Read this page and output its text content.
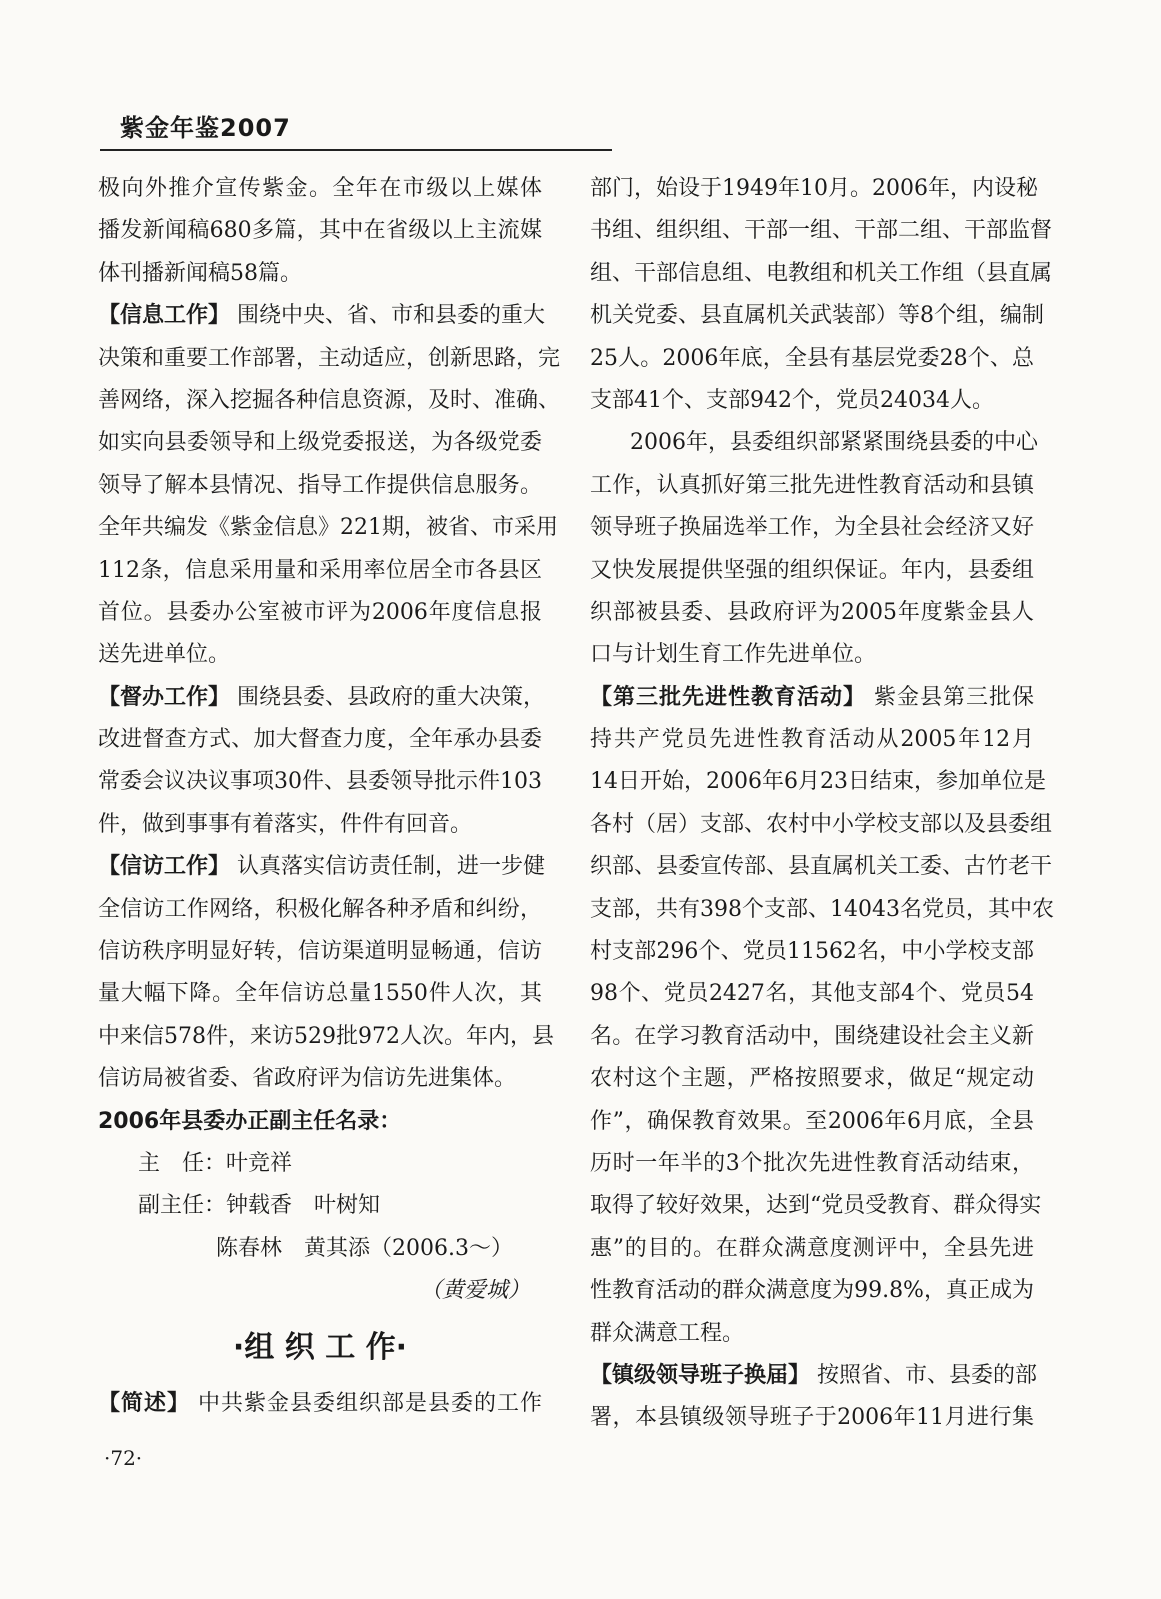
紫金年鉴2007
极向外推介宣传紫金。全年在市级以上媒体
播发新闻稿680多篇，其中在省级以上主流媒
体刊播新闻稿58篇。
【信息工作】 围绕中央、省、市和县委的重大
决策和重要工作部署，主动适应，创新思路，完
善网络，深入挖掘各种信息资源，及时、准确、
如实向县委领导和上级党委报送，为各级党委
领导了解本县情况、指导工作提供信息服务。
全年共编发《紫金信息》221期，被省、市采用
112条，信息采用量和采用率位居全市各县区
首位。县委办公室被市评为2006年度信息报
送先进单位。
【督办工作】 围绕县委、县政府的重大决策，
改进督查方式、加大督查力度，全年承办县委
常委会议决议事项30件、县委领导批示件103
件，做到事事有着落实，件件有回音。
【信访工作】 认真落实信访责任制，进一步健
全信访工作网络，积极化解各种矛盾和纠纷，
信访秩序明显好转，信访渠道明显畅通，信访
量大幅下降。全年信访总量1550件人次，其
中来信578件，来访529批972人次。年内，县
信访局被省委、省政府评为信访先进集体。
2006年县委办正副主任名录：
主　任：叶竞祥
副主任：钟载香　叶树知
陈春林　黄其添（2006.3～）
（黄爱城）
·组 织 工 作·
【简述】 中共紫金县委组织部是县委的工作
部门，始设于1949年10月。2006年，内设秘
书组、组织组、干部一组、干部二组、干部监督
组、干部信息组、电教组和机关工作组（县直属
机关党委、县直属机关武装部）等8个组，编制
25人。2006年底，全县有基层党委28个、总
支部41个、支部942个，党员24034人。
2006年，县委组织部紧紧围绕县委的中心
工作，认真抓好第三批先进性教育活动和县镇
领导班子换届选举工作，为全县社会经济又好
又快发展提供坚强的组织保证。年内，县委组
织部被县委、县政府评为2005年度紫金县人
口与计划生育工作先进单位。
【第三批先进性教育活动】 紫金县第三批保
持共产党员先进性教育活动从2005年12月
14日开始，2006年6月23日结束，参加单位是
各村（居）支部、农村中小学校支部以及县委组
织部、县委宣传部、县直属机关工委、古竹老干
支部，共有398个支部、14043名党员，其中农
村支部296个、党员11562名，中小学校支部
98个、党员2427名，其他支部4个、党员54
名。在学习教育活动中，围绕建设社会主义新
农村这个主题，严格按照要求，做足“规定动
作”，确保教育效果。至2006年6月底，全县
历时一年半的3个批次先进性教育活动结束，
取得了较好效果，达到“党员受教育、群众得实
惠”的目的。在群众满意度测评中，全县先进
性教育活动的群众满意度为99.8%，真正成为
群众满意工程。
【镇级领导班子换届】 按照省、市、县委的部
署，本县镇级领导班子于2006年11月进行集
·72·
